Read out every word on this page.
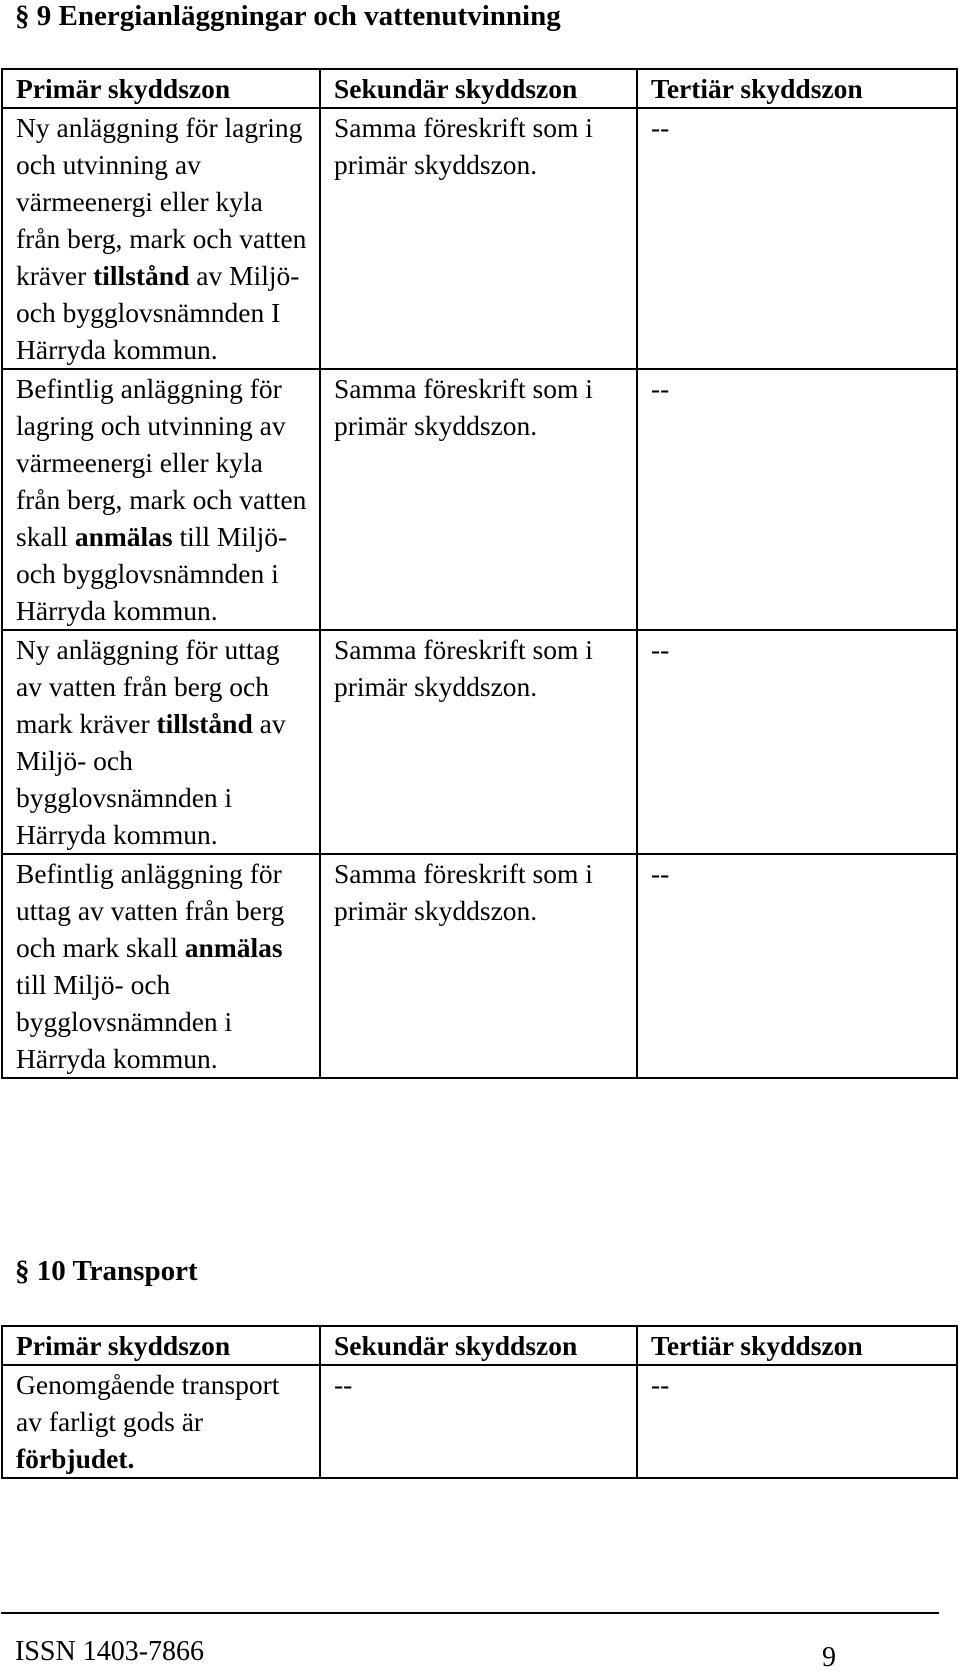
§ 9 Energianläggningar och vattenutvinning
Primär skyddszon	Sekundär skyddszon	Tertiär skyddszon
Ny anläggning för lagring och utvinning av värmeenergi eller kyla från berg, mark och vatten kräver tillstånd av Miljö- och bygglovsnämnden I Härryda kommun.	Samma föreskrift som i primär skyddszon.	--
Befintlig anläggning för lagring och utvinning av värmeenergi eller kyla från berg, mark och vatten skall anmälas till Miljö- och bygglovsnämnden i Härryda kommun.	Samma föreskrift som i primär skyddszon.	--
Ny anläggning för uttag av vatten från berg och mark kräver tillstånd av Miljö- och bygglovsnämnden i Härryda kommun.	Samma föreskrift som i primär skyddszon.	--
Befintlig anläggning för uttag av vatten från berg och mark skall anmälas till Miljö- och bygglovsnämnden i Härryda kommun.	Samma föreskrift som i primär skyddszon.	--
§ 10 Transport
Primär skyddszon	Sekundär skyddszon	Tertiär skyddszon
Genomgående transport av farligt gods är förbjudet.	--	--
ISSN 1403-7866	9
